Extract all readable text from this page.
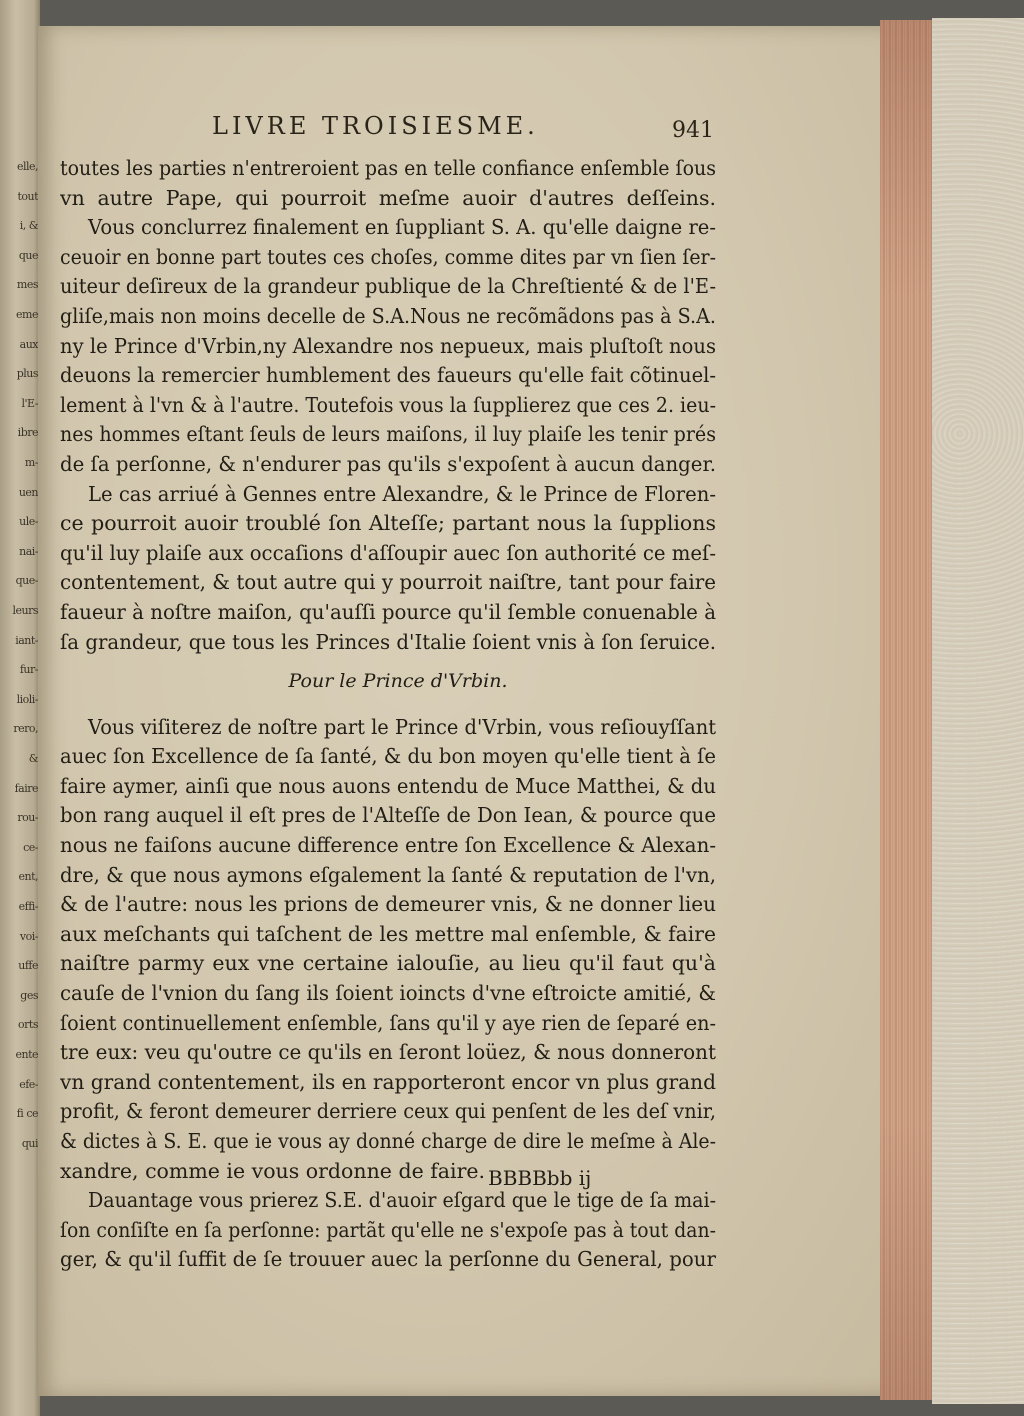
elle,
tout
i, &
que
mes
eme
aux
plus
l'E-
ibre
m-
uen
ule-
nai-
que-
leurs
iant-
fur-
lioli-
rero,
&
faire
rou-
ce-
ent,
effi-
voi-
uffe
ges
orts
ente
efe-
fi ce
qui
LIVRE TROISIESME.	941
toutes les parties n'entreroient pas en telle confiance enſemble ſous
vn autre Pape, qui pourroit meſme auoir d'autres deſſeins.
Vous conclurrez finalement en ſuppliant S. A. qu'elle daigne re-
ceuoir en bonne part toutes ces choſes, comme dites par vn ſien ſer-
uiteur deſireux de la grandeur publique de la Chreſtienté & de l'E-
gliſe,mais non moins decelle de S.A.Nous ne recõmãdons pas à S.A.
ny le Prince d'Vrbin,ny Alexandre nos nepueux, mais pluſtoſt nous
deuons la remercier humblement des faueurs qu'elle fait cõtinuel-
lement à l'vn & à l'autre. Toutefois vous la ſupplierez que ces 2. ieu-
nes hommes eſtant ſeuls de leurs maiſons, il luy plaiſe les tenir prés
de ſa perſonne, & n'endurer pas qu'ils s'expoſent à aucun danger.
Le cas arriué à Gennes entre Alexandre, & le Prince de Floren-
ce pourroit auoir troublé ſon Alteſſe; partant nous la ſupplions
qu'il luy plaiſe aux occaſions d'aſſoupir auec ſon authorité ce meſ-
contentement, & tout autre qui y pourroit naiſtre, tant pour faire
faueur à noſtre maiſon, qu'auſſi pource qu'il ſemble conuenable à
ſa grandeur, que tous les Princes d'Italie ſoient vnis à ſon ſeruice.
Pour le Prince d'Vrbin.
Vous viſiterez de noſtre part le Prince d'Vrbin, vous reſiouyſſant
auec ſon Excellence de ſa ſanté, & du bon moyen qu'elle tient à ſe
faire aymer, ainſi que nous auons entendu de Muce Matthei, & du
bon rang auquel il eſt pres de l'Alteſſe de Don Iean, & pource que
nous ne faiſons aucune difference entre ſon Excellence & Alexan-
dre, & que nous aymons eſgalement la ſanté & reputation de l'vn,
& de l'autre: nous les prions de demeurer vnis, & ne donner lieu
aux meſchants qui taſchent de les mettre mal enſemble, & faire
naiſtre parmy eux vne certaine ialouſie, au lieu qu'il faut qu'à
cauſe de l'vnion du ſang ils ſoient ioincts d'vne eſtroicte amitié, &
ſoient continuellement enſemble, ſans qu'il y aye rien de ſeparé en-
tre eux: veu qu'outre ce qu'ils en ſeront loüez, & nous donneront
vn grand contentement, ils en rapporteront encor vn plus grand
profit, & feront demeurer derriere ceux qui penſent de les deſ vnir,
& dictes à S. E. que ie vous ay donné charge de dire le meſme à Ale-
xandre, comme ie vous ordonne de faire.
Dauantage vous prierez S.E. d'auoir eſgard que le tige de ſa mai-
ſon conſiſte en ſa perſonne: partãt qu'elle ne s'expoſe pas à tout dan-
ger, & qu'il ſuffit de ſe trouuer auec la perſonne du General, pour
BBBBbb ij
